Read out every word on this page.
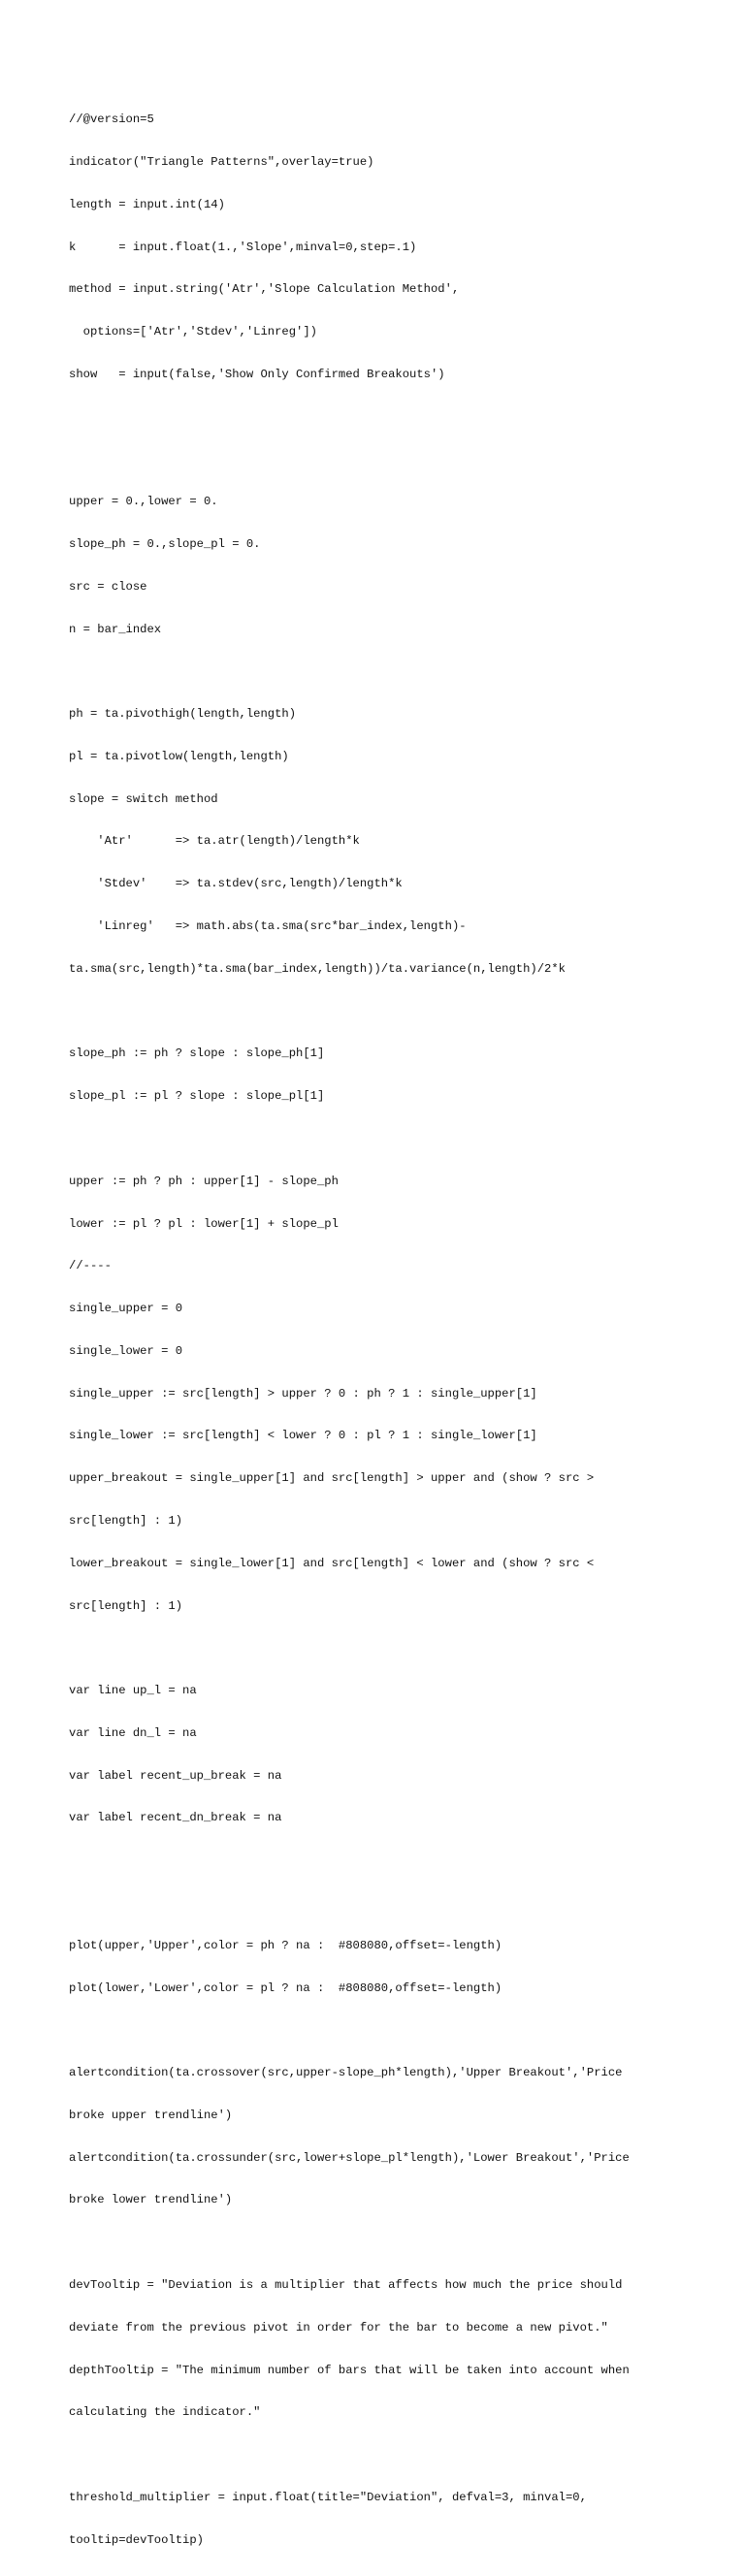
//@version=5

indicator("Triangle Patterns",overlay=true)

length = input.int(14)

k      = input.float(1.,'Slope',minval=0,step=.1)

method = input.string('Atr','Slope Calculation Method',

options=['Atr','Stdev','Linreg'])

show   = input(false,'Show Only Confirmed Breakouts')

upper = 0.,lower = 0.

slope_ph = 0.,slope_pl = 0.

src = close

n = bar_index

ph = ta.pivothigh(length,length)

pl = ta.pivotlow(length,length)

slope = switch method

'Atr'      => ta.atr(length)/length*k

'Stdev'    => ta.stdev(src,length)/length*k

'Linreg'   => math.abs(ta.sma(src*bar_index,length)-

ta.sma(src,length)*ta.sma(bar_index,length))/ta.variance(n,length)/2*k

slope_ph := ph ? slope : slope_ph[1]

slope_pl := pl ? slope : slope_pl[1]

upper := ph ? ph : upper[1] - slope_ph

lower := pl ? pl : lower[1] + slope_pl

//----

single_upper = 0

single_lower = 0

single_upper := src[length] > upper ? 0 : ph ? 1 : single_upper[1]

single_lower := src[length] < lower ? 0 : pl ? 1 : single_lower[1]

upper_breakout = single_upper[1] and src[length] > upper and (show ? src >

src[length] : 1)

lower_breakout = single_lower[1] and src[length] < lower and (show ? src <

src[length] : 1)

var line up_l = na

var line dn_l = na

var label recent_up_break = na

var label recent_dn_break = na

plot(upper,'Upper',color = ph ? na :  #808080,offset=-length)

plot(lower,'Lower',color = pl ? na :  #808080,offset=-length)

alertcondition(ta.crossover(src,upper-slope_ph*length),'Upper Breakout','Price

broke upper trendline')

alertcondition(ta.crossunder(src,lower+slope_pl*length),'Lower Breakout','Price

broke lower trendline')

devTooltip = "Deviation is a multiplier that affects how much the price should

deviate from the previous pivot in order for the bar to become a new pivot."

depthTooltip = "The minimum number of bars that will be taken into account when

calculating the indicator."

threshold_multiplier = input.float(title="Deviation", defval=3, minval=0,

tooltip=devTooltip)
